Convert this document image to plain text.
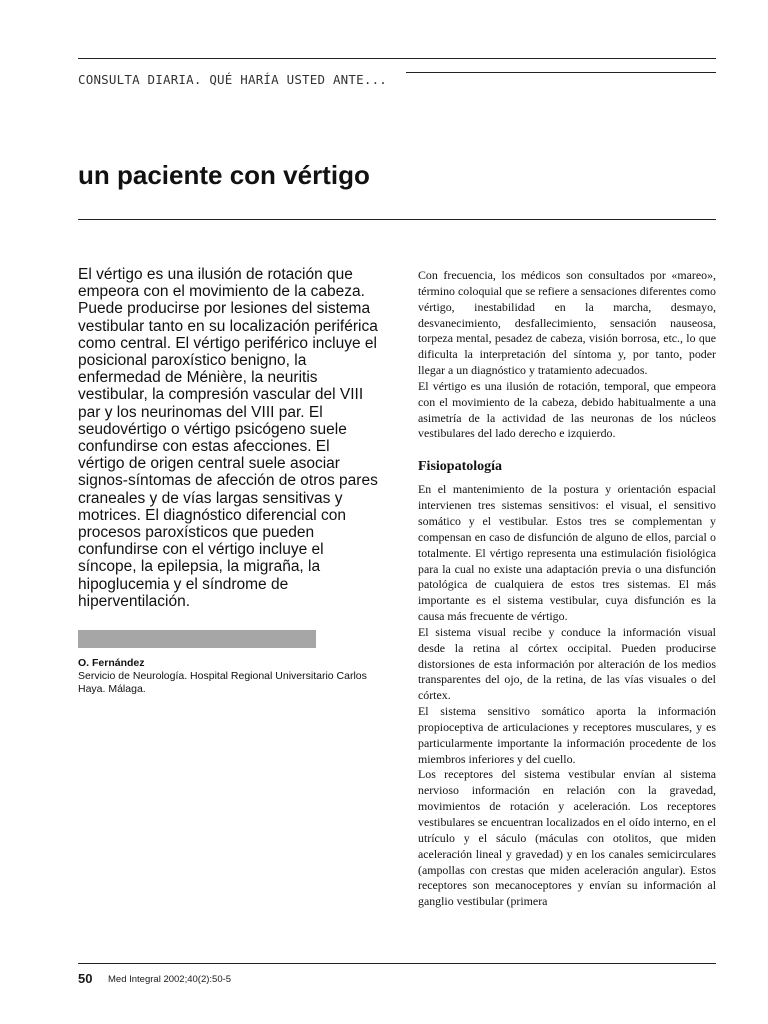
CONSULTA DIARIA. QUÉ HARÍA USTED ANTE...
un paciente con vértigo

El vértigo es una ilusión de rotación que empeora con el movimiento de la cabeza. Puede producirse por lesiones del sistema vestibular tanto en su localización periférica como central. El vértigo periférico incluye el posicional paroxístico benigno, la enfermedad de Ménière, la neuritis vestibular, la compresión vascular del VIII par y los neurinomas del VIII par. El seudovértigo o vértigo psicógeno suele confundirse con estas afecciones. El vértigo de origen central suele asociar signos-síntomas de afección de otros pares craneales y de vías largas sensitivas y motrices. El diagnóstico diferencial con procesos paroxísticos que pueden confundirse con el vértigo incluye el síncope, la epilepsia, la migraña, la hipoglucemia y el síndrome de hiperventilación.

O. Fernández
Servicio de Neurología. Hospital Regional Universitario Carlos Haya. Málaga.

Con frecuencia, los médicos son consultados por «mareo», término coloquial que se refiere a sensaciones diferentes como vértigo, inestabilidad en la marcha, desmayo, desvanecimiento, desfallecimiento, sensación nauseosa, torpeza mental, pesadez de cabeza, visión borrosa, etc., lo que dificulta la interpretación del síntoma y, por tanto, poder llegar a un diagnóstico y tratamiento adecuados.

El vértigo es una ilusión de rotación, temporal, que empeora con el movimiento de la cabeza, debido habitualmente a una asimetría de la actividad de las neuronas de los núcleos vestibulares del lado derecho e izquierdo.

Fisiopatología

En el mantenimiento de la postura y orientación espacial intervienen tres sistemas sensitivos: el visual, el sensitivo somático y el vestibular. Estos tres se complementan y compensan en caso de disfunción de alguno de ellos, parcial o totalmente. El vértigo representa una estimulación fisiológica para la cual no existe una adaptación previa o una disfunción patológica de cualquiera de estos tres sistemas. El más importante es el sistema vestibular, cuya disfunción es la causa más frecuente de vértigo.

El sistema visual recibe y conduce la información visual desde la retina al córtex occipital. Pueden producirse distorsiones de esta información por alteración de los medios transparentes del ojo, de la retina, de las vías visuales o del córtex.

El sistema sensitivo somático aporta la información propioceptiva de articulaciones y receptores musculares, y es particularmente importante la información procedente de los miembros inferiores y del cuello.

Los receptores del sistema vestibular envían al sistema nervioso información en relación con la gravedad, movimientos de rotación y aceleración. Los receptores vestibulares se encuentran localizados en el oído interno, en el utrículo y el sáculo (máculas con otolitos, que miden aceleración lineal y gravedad) y en los canales semicirculares (ampollas con crestas que miden aceleración angular). Estos receptores son mecanoceptores y envían su información al ganglio vestibular (primera

50 Med Integral 2002;40(2):50-5
